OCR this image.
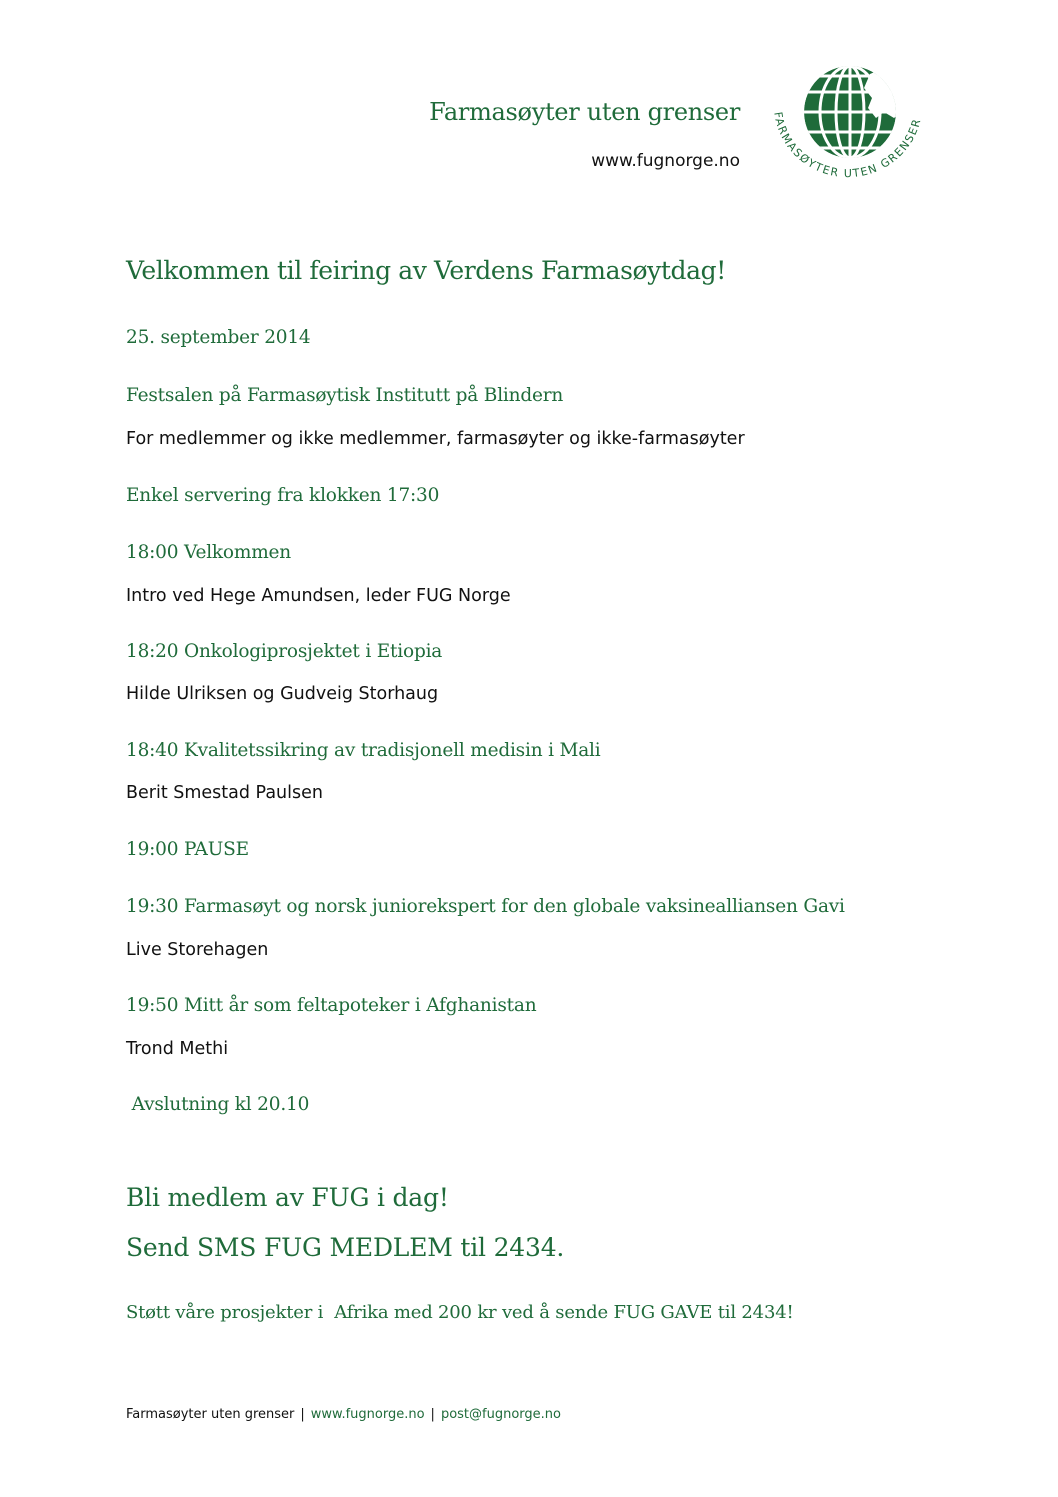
Farmasøyter uten grenser
www.fugnorge.no
FARMASØYTER UTEN GRENSER
Velkommen til feiring av Verdens Farmasøytdag!
25. september 2014
Festsalen på Farmasøytisk Institutt på Blindern
For medlemmer og ikke medlemmer, farmasøyter og ikke-farmasøyter
Enkel servering fra klokken 17:30
18:00 Velkommen
Intro ved Hege Amundsen, leder FUG Norge
18:20 Onkologiprosjektet i Etiopia
Hilde Ulriksen og Gudveig Storhaug
18:40 Kvalitetssikring av tradisjonell medisin i Mali
Berit Smestad Paulsen
19:00 PAUSE
19:30 Farmasøyt og norsk juniorekspert for den globale vaksinealliansen Gavi
Live Storehagen
19:50 Mitt år som feltapoteker i Afghanistan
Trond Methi
Avslutning kl 20.10
Bli medlem av FUG i dag!
Send SMS FUG MEDLEM til 2434.
Støtt våre prosjekter i  Afrika med 200 kr ved å sende FUG GAVE til 2434!
Farmasøyter uten grenser | www.fugnorge.no | post@fugnorge.no
